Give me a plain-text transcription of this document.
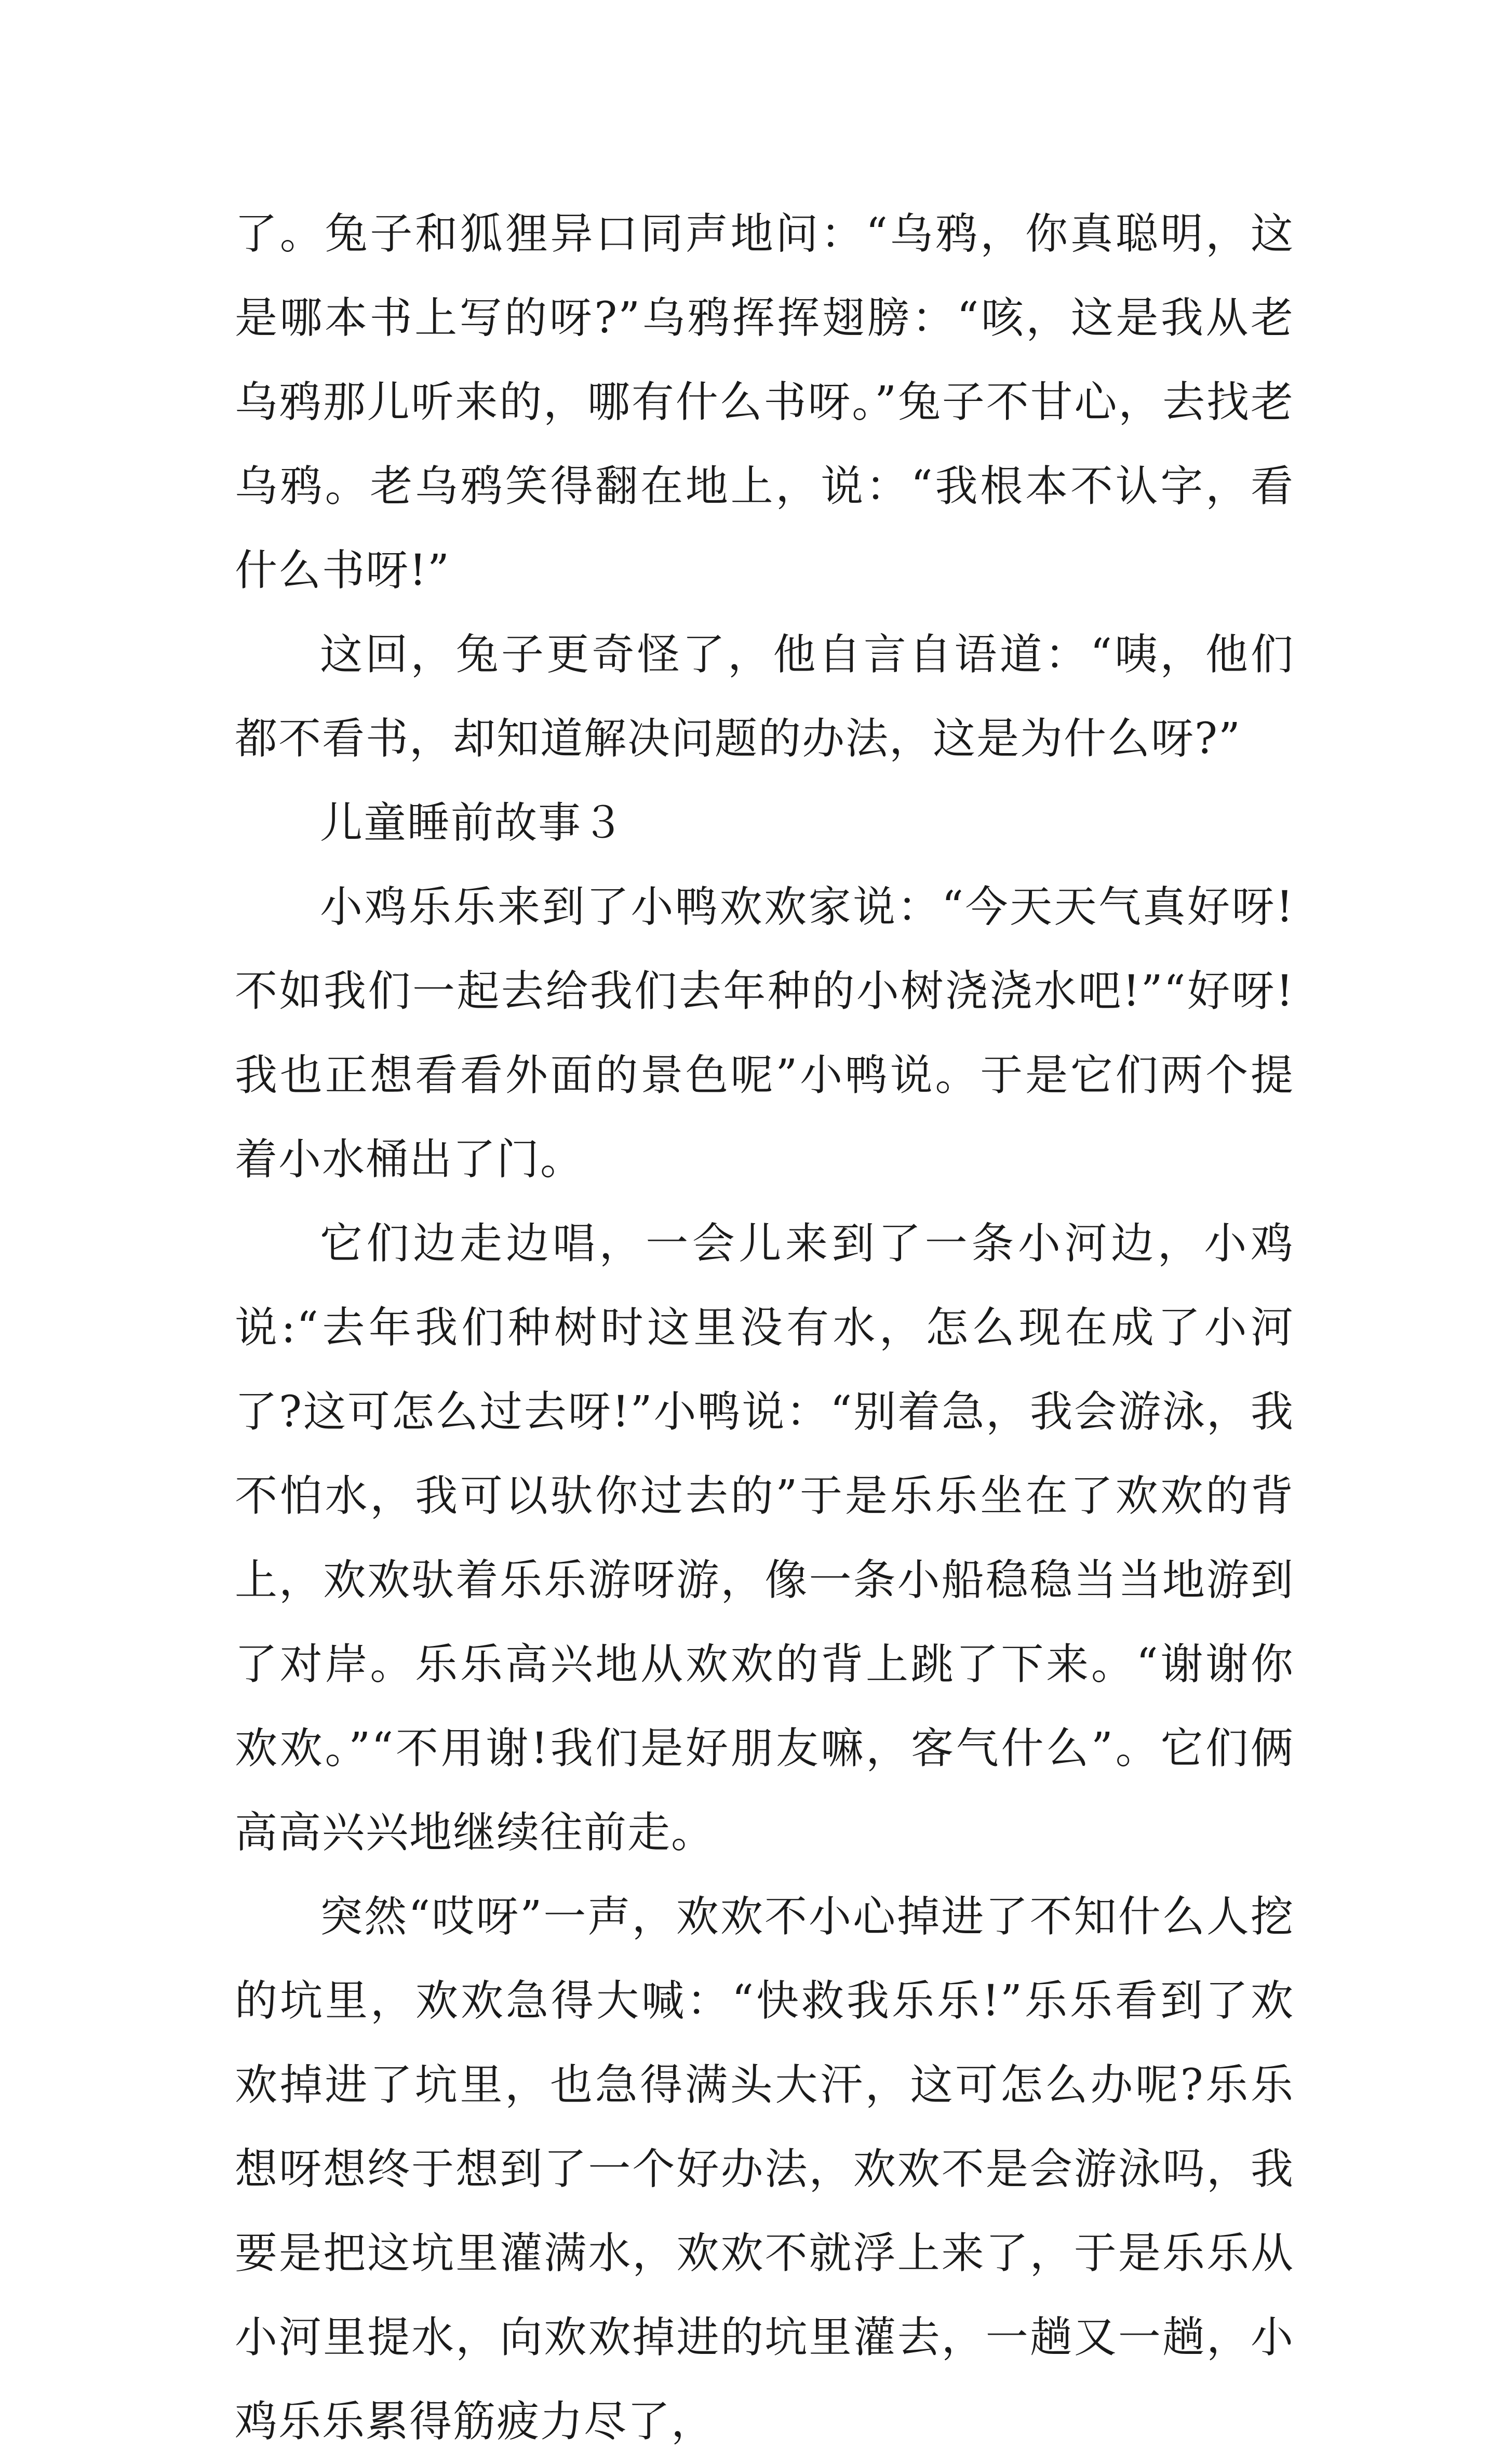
了。兔子和狐狸异口同声地问：“乌鸦，你真聪明，这是哪本书上写的呀?”乌鸦挥挥翅膀：“咳，这是我从老乌鸦那儿听来的，哪有什么书呀。”兔子不甘心，去找老乌鸦。老乌鸦笑得翻在地上，说：“我根本不认字，看什么书呀!”

这回，兔子更奇怪了，他自言自语道：“咦，他们都不看书，却知道解决问题的办法，这是为什么呀?”

儿童睡前故事３

小鸡乐乐来到了小鸭欢欢家说：“今天天气真好呀!不如我们一起去给我们去年种的小树浇浇水吧!”“好呀!我也正想看看外面的景色呢”小鸭说。于是它们两个提着小水桶出了门。

它们边走边唱，一会儿来到了一条小河边，小鸡说:“去年我们种树时这里没有水，怎么现在成了小河了?这可怎么过去呀!”小鸭说：“别着急，我会游泳，我不怕水，我可以驮你过去的”于是乐乐坐在了欢欢的背上，欢欢驮着乐乐游呀游，像一条小船稳稳当当地游到了对岸。乐乐高兴地从欢欢的背上跳了下来。“谢谢你欢欢。”“不用谢!我们是好朋友嘛，客气什么”。它们俩高高兴兴地继续往前走。

突然“哎呀”一声，欢欢不小心掉进了不知什么人挖的坑里，欢欢急得大喊：“快救我乐乐!”乐乐看到了欢欢掉进了坑里，也急得满头大汗，这可怎么办呢?乐乐想呀想终于想到了一个好办法，欢欢不是会游泳吗，我要是把这坑里灌满水，欢欢不就浮上来了，于是乐乐从小河里提水，向欢欢掉进的坑里灌去，一趟又一趟，小鸡乐乐累得筋疲力尽了，
